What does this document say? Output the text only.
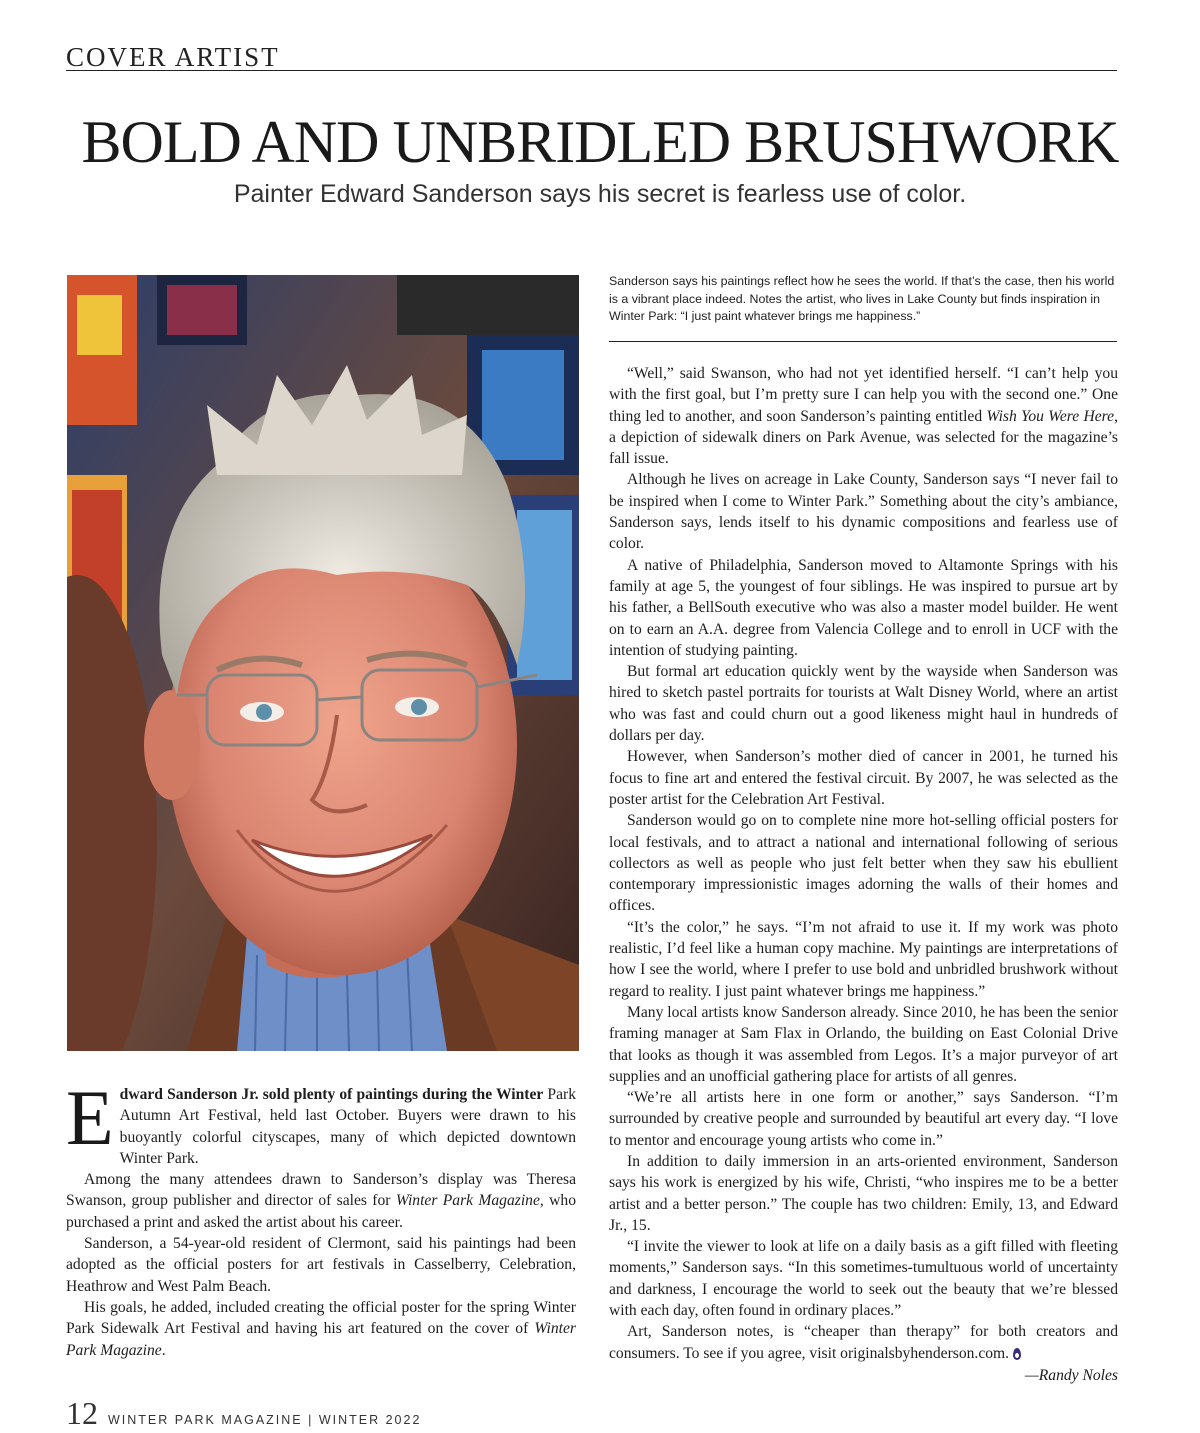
COVER ARTIST
BOLD AND UNBRIDLED BRUSHWORK
Painter Edward Sanderson says his secret is fearless use of color.
Sanderson says his paintings reflect how he sees the world. If that’s the case, then his world is a vibrant place indeed. Notes the artist, who lives in Lake County but finds inspiration in Winter Park: “I just paint whatever brings me happiness.”

Edward Sanderson Jr. sold plenty of paintings during the Winter Park Autumn Art Festival, held last October. Buyers were drawn to his buoyantly colorful cityscapes, many of which depicted downtown Winter Park.

Among the many attendees drawn to Sanderson’s display was Theresa Swanson, group publisher and director of sales for Winter Park Magazine, who purchased a print and asked the artist about his career.

Sanderson, a 54-year-old resident of Clermont, said his paintings had been adopted as the official posters for art festivals in Casselberry, Celebration, Heathrow and West Palm Beach.

His goals, he added, included creating the official poster for the spring Winter Park Sidewalk Art Festival and having his art featured on the cover of Winter Park Magazine.

“Well,” said Swanson, who had not yet identified herself. “I can’t help you with the first goal, but I’m pretty sure I can help you with the second one.” One thing led to another, and soon Sanderson’s painting entitled Wish You Were Here, a depiction of sidewalk diners on Park Avenue, was selected for the magazine’s fall issue.

Although he lives on acreage in Lake County, Sanderson says “I never fail to be inspired when I come to Winter Park.” Something about the city’s ambiance, Sanderson says, lends itself to his dynamic compositions and fearless use of color.

A native of Philadelphia, Sanderson moved to Altamonte Springs with his family at age 5, the youngest of four siblings. He was inspired to pursue art by his father, a BellSouth executive who was also a master model builder. He went on to earn an A.A. degree from Valencia College and to enroll in UCF with the intention of studying painting.

But formal art education quickly went by the wayside when Sanderson was hired to sketch pastel portraits for tourists at Walt Disney World, where an artist who was fast and could churn out a good likeness might haul in hundreds of dollars per day.

However, when Sanderson’s mother died of cancer in 2001, he turned his focus to fine art and entered the festival circuit. By 2007, he was selected as the poster artist for the Celebration Art Festival.

Sanderson would go on to complete nine more hot-selling official posters for local festivals, and to attract a national and international following of serious collectors as well as people who just felt better when they saw his ebullient contemporary impressionistic images adorning the walls of their homes and offices.

“It’s the color,” he says. “I’m not afraid to use it. If my work was photo realistic, I’d feel like a human copy machine. My paintings are interpretations of how I see the world, where I prefer to use bold and unbridled brushwork without regard to reality. I just paint whatever brings me happiness.”

Many local artists know Sanderson already. Since 2010, he has been the senior framing manager at Sam Flax in Orlando, the building on East Colonial Drive that looks as though it was assembled from Legos. It’s a major purveyor of art supplies and an unofficial gathering place for artists of all genres.

“We’re all artists here in one form or another,” says Sanderson. “I’m surrounded by creative people and surrounded by beautiful art every day. “I love to mentor and encourage young artists who come in.”

In addition to daily immersion in an arts-oriented environment, Sanderson says his work is energized by his wife, Christi, “who inspires me to be a better artist and a better person.” The couple has two children: Emily, 13, and Edward Jr., 15.

“I invite the viewer to look at life on a daily basis as a gift filled with fleeting moments,” Sanderson says. “In this sometimes-tumultuous world of uncertainty and darkness, I encourage the world to seek out the beauty that we’re blessed with each day, often found in ordinary places.”

Art, Sanderson notes, is “cheaper than therapy” for both creators and consumers. To see if you agree, visit originalsbyhenderson.com.

—Randy Noles
12 WINTER PARK MAGAZINE | WINTER 2022
